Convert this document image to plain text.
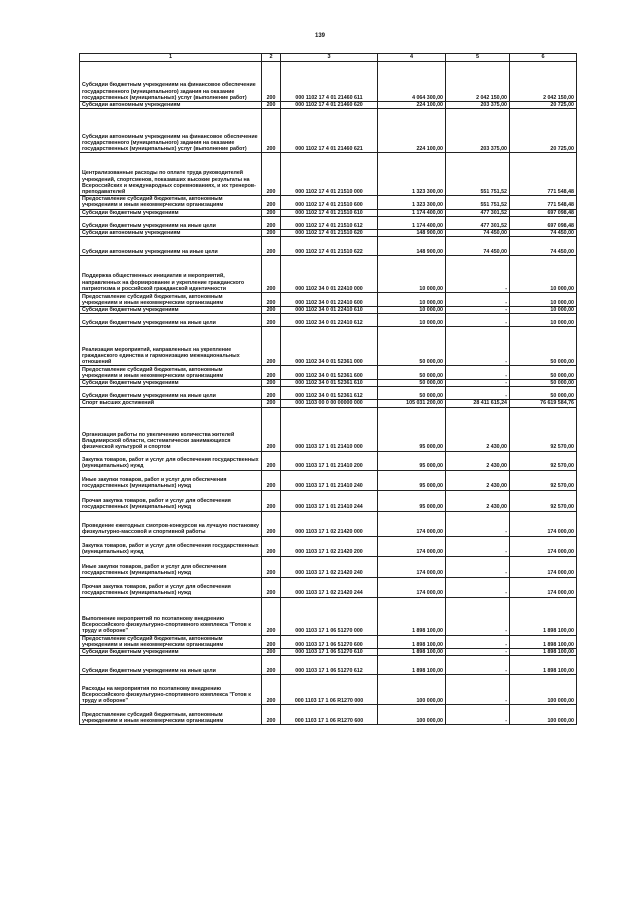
139
1	2	3	4	5	6
Субсидии бюджетным учреждениям на финансовое обеспечение государственного (муниципального) задания на оказание государственных (муниципальных) услуг (выполнение работ)	200	000 1102 17 4 01 21460 611	4 064 300,00	2 042 150,00	2 042 150,00
Субсидии автономным учреждениям	200	000 1102 17 4 01 21460 620	224 100,00	203 375,00	20 725,00
Субсидии автономным учреждениям на финансовое обеспечение государственного (муниципального) задания на оказание государственных (муниципальных) услуг (выполнение работ)	200	000 1102 17 4 01 21460 621	224 100,00	203 375,00	20 725,00
Централизованные расходы по оплате труда руководителей учреждений, спортсменов, показавших высокие результаты на Всероссийских и международных соревнованиях, и их тренеров-преподавателей	200	000 1102 17 4 01 21510 000	1 323 300,00	551 751,52	771 548,48
Предоставление субсидий бюджетным, автономным учреждениям и иным некоммерческим организациям	200	000 1102 17 4 01 21510 600	1 323 300,00	551 751,52	771 548,48
Субсидии бюджетным учреждениям	200	000 1102 17 4 01 21510 610	1 174 400,00	477 301,52	697 098,48
Субсидии бюджетным учреждениям на иные цели	200	000 1102 17 4 01 21510 612	1 174 400,00	477 301,52	697 098,48
Субсидии автономным учреждениям	200	000 1102 17 4 01 21510 620	148 900,00	74 450,00	74 450,00
Субсидии автономным учреждениям на иные цели	200	000 1102 17 4 01 21510 622	148 900,00	74 450,00	74 450,00
Поддержка общественных инициатив и мероприятий, направленных на формирование и укрепление гражданского патриотизма и российской гражданской идентичности	200	000 1102 34 0 01 22410 000	10 000,00	-	10 000,00
Предоставление субсидий бюджетным, автономным учреждениям и иным некоммерческим организациям	200	000 1102 34 0 01 22410 600	10 000,00	-	10 000,00
Субсидии бюджетным учреждениям	200	000 1102 34 0 01 22410 610	10 000,00	-	10 000,00
Субсидии бюджетным учреждениям на иные цели	200	000 1102 34 0 01 22410 612	10 000,00	-	10 000,00
Реализация мероприятий, направленных на укрепление гражданского единства и гармонизацию межнациональных отношений	200	000 1102 34 0 01 52361 000	50 000,00	-	50 000,00
Предоставление субсидий бюджетным, автономным учреждениям и иным некоммерческим организациям	200	000 1102 34 0 01 52361 600	50 000,00	-	50 000,00
Субсидии бюджетным учреждениям	200	000 1102 34 0 01 52361 610	50 000,00	-	50 000,00
Субсидии бюджетным учреждениям на иные цели	200	000 1102 34 0 01 52361 612	50 000,00	-	50 000,00
Спорт высших достижений	200	000 1103 00 0 00 00000 000	105 031 200,00	28 411 615,24	76 619 584,76
Организация работы по увеличению количества жителей Владимирской области, систематически занимающихся физической культурой и спортом	200	000 1103 17 1 01 21410 000	95 000,00	2 430,00	92 570,00
Закупка товаров, работ и услуг для обеспечения государственных (муниципальных) нужд	200	000 1103 17 1 01 21410 200	95 000,00	2 430,00	92 570,00
Иные закупки товаров, работ и услуг для обеспечения государственных (муниципальных) нужд	200	000 1103 17 1 01 21410 240	95 000,00	2 430,00	92 570,00
Прочая закупка товаров, работ и услуг для обеспечения государственных (муниципальных) нужд	200	000 1103 17 1 01 21410 244	95 000,00	2 430,00	92 570,00
Проведение ежегодных смотров-конкурсов на лучшую постановку физкультурно-массовой и спортивной работы	200	000 1103 17 1 02 21420 000	174 000,00	-	174 000,00
Закупка товаров, работ и услуг для обеспечения государственных (муниципальных) нужд	200	000 1103 17 1 02 21420 200	174 000,00	-	174 000,00
Иные закупки товаров, работ и услуг для обеспечения государственных (муниципальных) нужд	200	000 1103 17 1 02 21420 240	174 000,00	-	174 000,00
Прочая закупка товаров, работ и услуг для обеспечения государственных (муниципальных) нужд	200	000 1103 17 1 02 21420 244	174 000,00	-	174 000,00
Выполнение мероприятий по поэтапному внедрению Всероссийского физкультурно-спортивного комплекса "Готов к труду и обороне"	200	000 1103 17 1 06 51270 000	1 898 100,00	-	1 898 100,00
Предоставление субсидий бюджетным, автономным учреждениям и иным некоммерческим организациям	200	000 1103 17 1 06 51270 600	1 898 100,00	-	1 898 100,00
Субсидии бюджетным учреждениям	200	000 1103 17 1 06 51270 610	1 898 100,00	-	1 898 100,00
Субсидии бюджетным учреждениям на иные цели	200	000 1103 17 1 06 51270 612	1 898 100,00	-	1 898 100,00
Расходы на мероприятия по поэтапному внедрению Всероссийского физкультурно-спортивного комплекса "Готов к труду и обороне"	200	000 1103 17 1 06 R1270 000	100 000,00	-	100 000,00
Предоставление субсидий бюджетным, автономным учреждениям и иным некоммерческим организациям	200	000 1103 17 1 06 R1270 600	100 000,00	-	100 000,00
